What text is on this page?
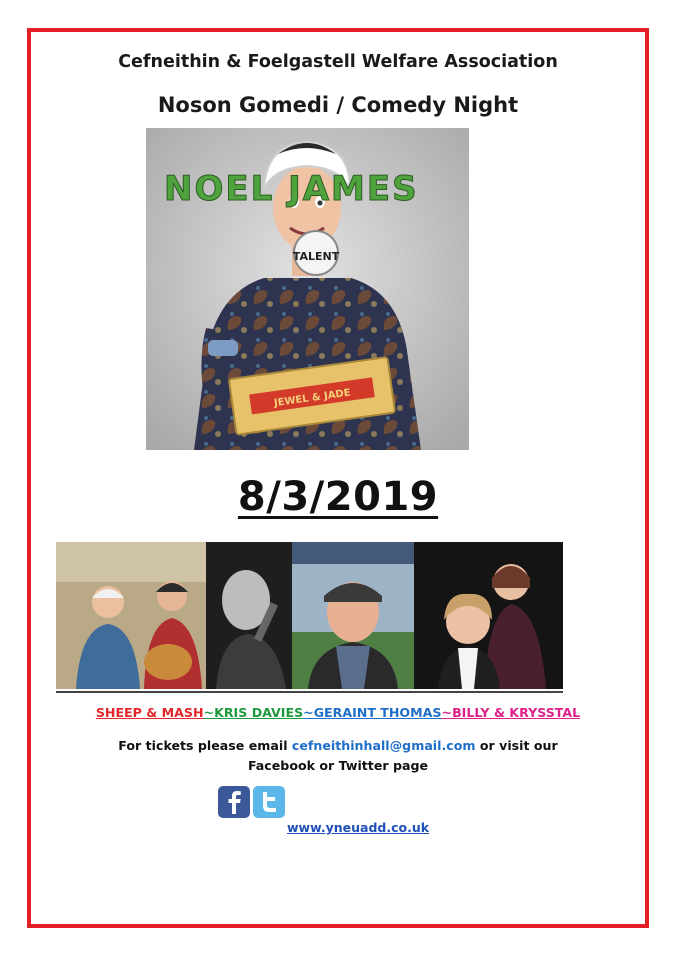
Cefneithin & Foelgastell Welfare Association
Noson Gomedi / Comedy Night
TALENT
NOEL JAMES
JEWEL & JADE
8/3/2019
SHEEP & MASH~KRIS DAVIES~GERAINT THOMAS~BILLY & KRYSSTAL
For tickets please email cefneithinhall@gmail.com or visit our
Facebook or Twitter page
www.yneuadd.co.uk
